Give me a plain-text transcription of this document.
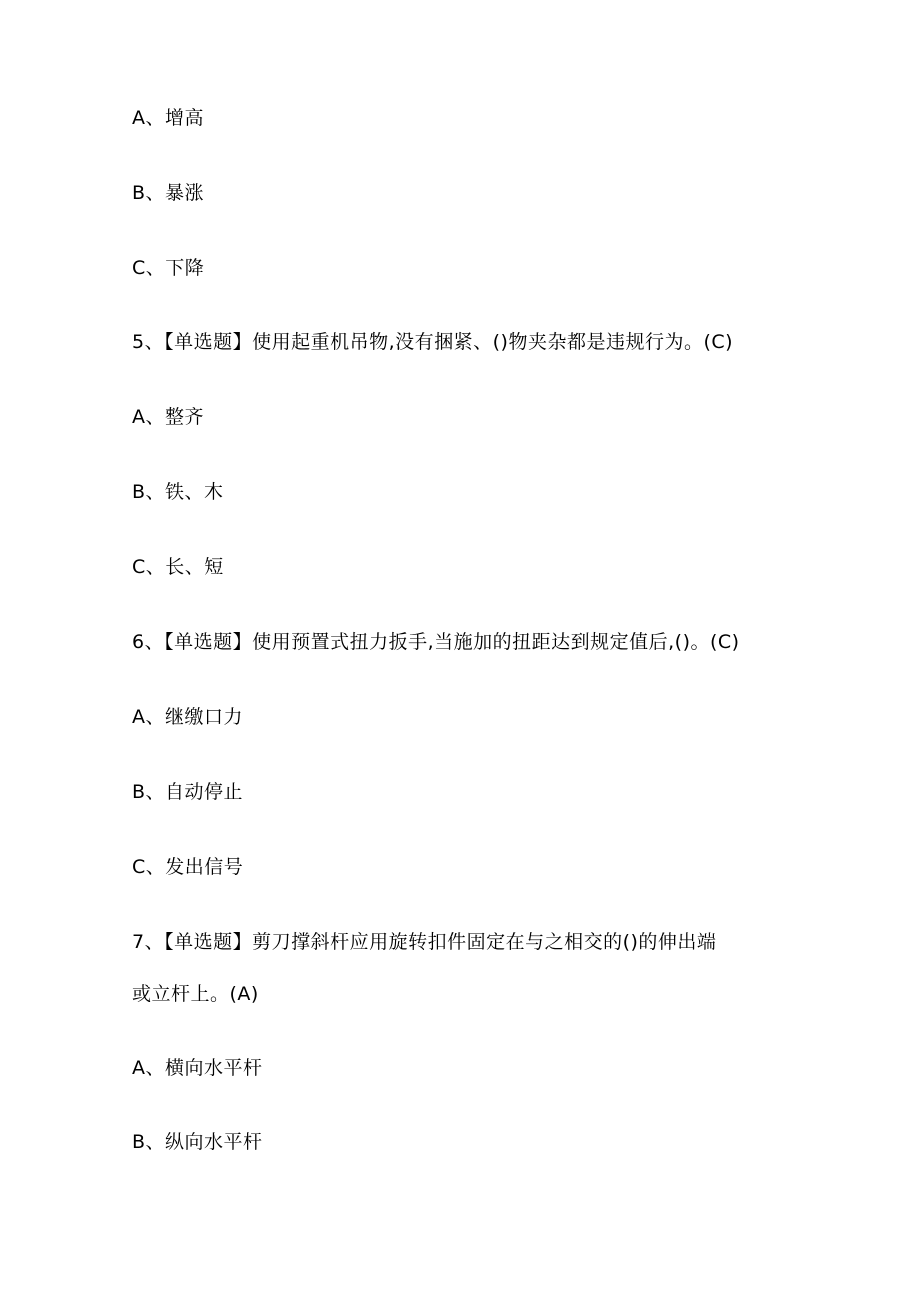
A、增高
B、暴涨
C、下降
5、【单选题】使用起重机吊物,没有捆紧、()物夹杂都是违规行为。(C)
A、整齐
B、铁、木
C、长、短
6、【单选题】使用预置式扭力扳手,当施加的扭距达到规定值后,()。(C)
A、继缴口力
B、自动停止
C、发出信号
7、【单选题】剪刀撑斜杆应用旋转扣件固定在与之相交的()的伸出端
或立杆上。(A)
A、横向水平杆
B、纵向水平杆
